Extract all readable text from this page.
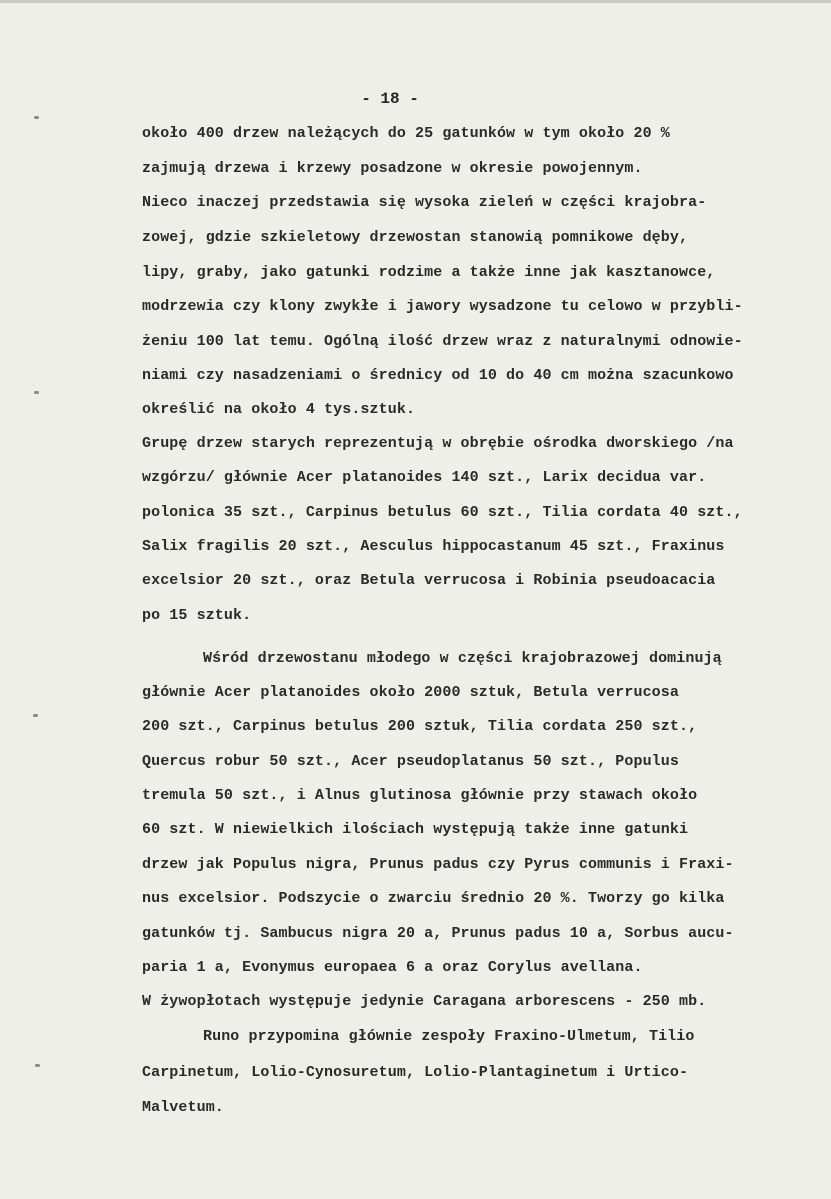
- 18 -
około 400 drzew należących do 25 gatunków w tym około 20 %
zajmują drzewa i krzewy posadzone w okresie powojennym.
Nieco inaczej przedstawia się wysoka zieleń w części krajobra-
zowej, gdzie szkieletowy drzewostan stanowią pomnikowe dęby,
lipy, graby, jako gatunki rodzime a także inne jak kasztanowce,
modrzewia czy klony zwykłe i jawory wysadzone tu celowo w przybli-
żeniu 100 lat temu. Ogólną ilość drzew wraz z naturalnymi odnowie-
niami czy nasadzeniami o średnicy od 10 do 40 cm można szacunkowo
określić na około 4 tys.sztuk.
Grupę drzew starych reprezentują w obrębie ośrodka dworskiego /na
wzgórzu/ głównie Acer platanoides 140 szt., Larix decidua var.
polonica 35 szt., Carpinus betulus 60 szt., Tilia cordata 40 szt.,
Salix fragilis 20 szt., Aesculus hippocastanum 45 szt., Fraxinus
excelsior 20 szt., oraz Betula verrucosa i Robinia pseudoacacia
po 15 sztuk.
Wśród drzewostanu młodego w części krajobrazowej dominują
głównie Acer platanoides około 2000 sztuk, Betula verrucosa
200 szt., Carpinus betulus 200 sztuk, Tilia cordata 250 szt.,
Quercus robur 50 szt., Acer pseudoplatanus 50 szt., Populus
tremula 50 szt., i Alnus glutinosa głównie przy stawach około
60 szt. W niewielkich ilościach występują także inne gatunki
drzew jak Populus nigra, Prunus padus czy Pyrus communis i Fraxi-
nus excelsior. Podszycie o zwarciu średnio 20 %. Tworzy go kilka
gatunków tj. Sambucus nigra 20 a, Prunus padus 10 a, Sorbus aucu-
paria 1 a, Evonymus europaea 6 a oraz Corylus avellana.
W żywopłotach występuje jedynie Caragana arborescens - 250 mb.
Runo przypomina głównie zespoły Fraxino-Ulmetum, Tilio
Carpinetum, Lolio-Cynosuretum, Lolio-Plantaginetum i Urtico-
Malvetum.
